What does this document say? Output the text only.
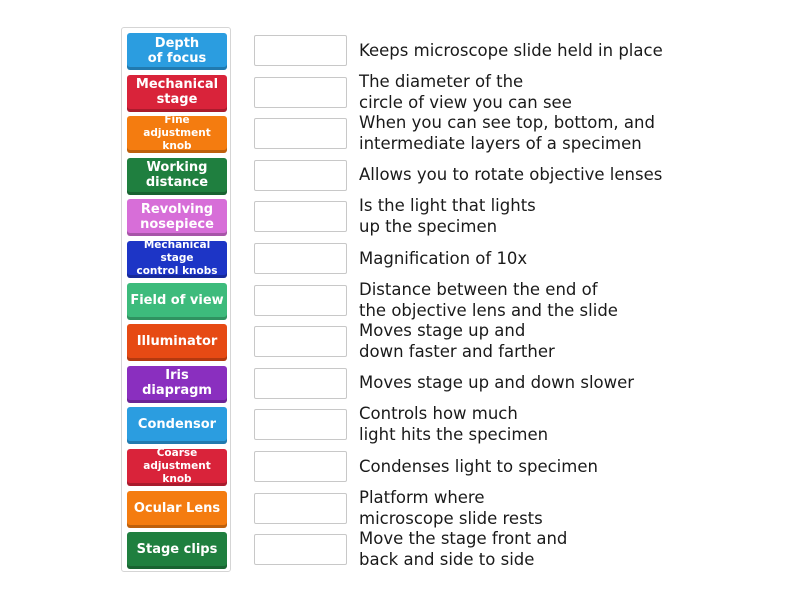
Depth
of focus
Mechanical
stage
Fine adjustment
knob
Working
distance
Revolving
nosepiece
Mechanical stage
control knobs
Field of view
Illuminator
Iris diapragm
Condensor
Coarse
adjustment knob
Ocular Lens
Stage clips
Keeps microscope slide held in place
The diameter of the
circle of view you can see
When you can see top, bottom, and
intermediate layers of a specimen
Allows you to rotate objective lenses
Is the light that lights
up the specimen
Magnification of 10x
Distance between the end of
the objective lens and the slide
Moves stage up and
down faster and farther
Moves stage up and down slower
Controls how much
light hits the specimen
Condenses light to specimen
Platform where
microscope slide rests
Move the stage front and
back and side to side
